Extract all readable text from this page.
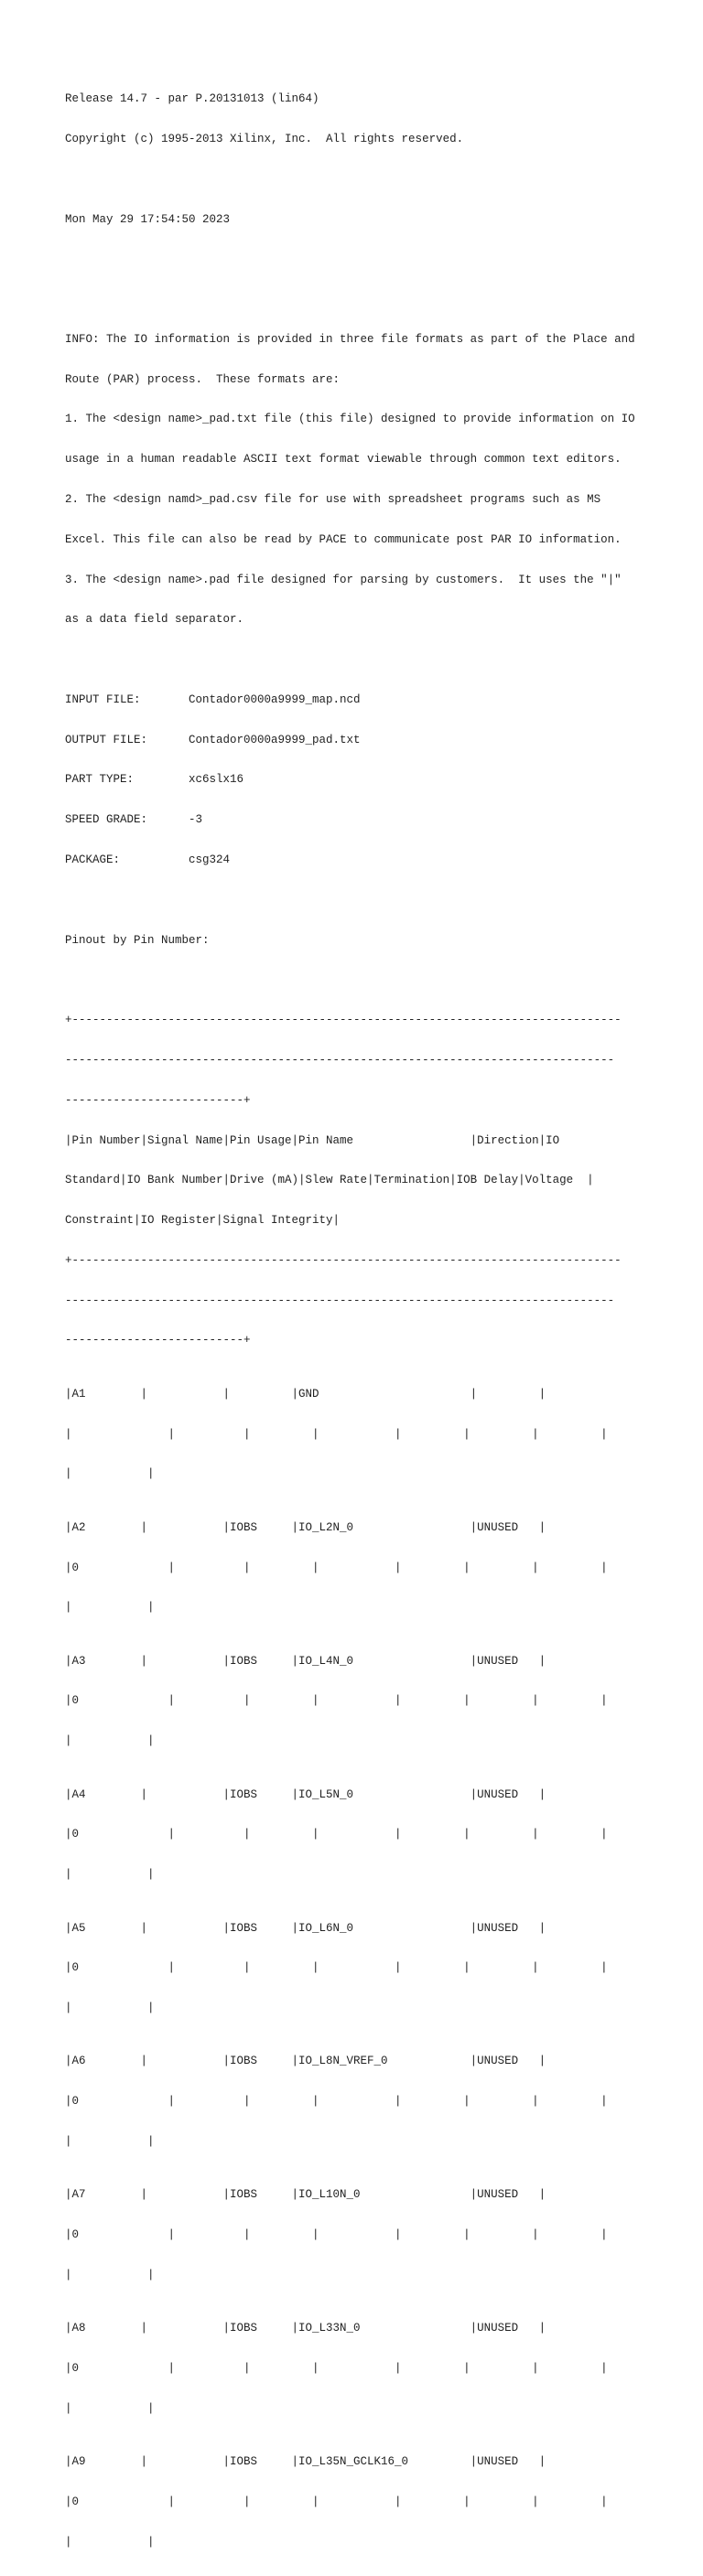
Release 14.7 - par P.20131013 (lin64)

Copyright (c) 1995-2013 Xilinx, Inc.  All rights reserved.

Mon May 29 17:54:50 2023

INFO: The IO information is provided in three file formats as part of the Place and

Route (PAR) process.  These formats are:

1. The <design name>_pad.txt file (this file) designed to provide information on IO

usage in a human readable ASCII text format viewable through common text editors.

2. The <design namd>_pad.csv file for use with spreadsheet programs such as MS

Excel. This file can also be read by PACE to communicate post PAR IO information.

3. The <design name>.pad file designed for parsing by customers.  It uses the "|"

as a data field separator.

INPUT FILE:       Contador0000a9999_map.ncd

OUTPUT FILE:      Contador0000a9999_pad.txt

PART TYPE:        xc6slx16

SPEED GRADE:      -3

PACKAGE:          csg324

Pinout by Pin Number:

+--------------------------------------------------------------------------------

--------------------------------------------------------------------------------

--------------------------+

|Pin Number|Signal Name|Pin Usage|Pin Name                 |Direction|IO

Standard|IO Bank Number|Drive (mA)|Slew Rate|Termination|IOB Delay|Voltage  |

Constraint|IO Register|Signal Integrity|

+--------------------------------------------------------------------------------

--------------------------------------------------------------------------------

--------------------------+

|A1        |           |         |GND                      |         |

|              |          |         |           |         |         |         |

|           |

|A2        |           |IOBS     |IO_L2N_0                 |UNUSED   |

|0             |          |         |           |         |         |         |

|           |

|A3        |           |IOBS     |IO_L4N_0                 |UNUSED   |

|0             |          |         |           |         |         |         |

|           |

|A4        |           |IOBS     |IO_L5N_0                 |UNUSED   |

|0             |          |         |           |         |         |         |

|           |

|A5        |           |IOBS     |IO_L6N_0                 |UNUSED   |

|0             |          |         |           |         |         |         |

|           |

|A6        |           |IOBS     |IO_L8N_VREF_0            |UNUSED   |

|0             |          |         |           |         |         |         |

|           |

|A7        |           |IOBS     |IO_L10N_0                |UNUSED   |

|0             |          |         |           |         |         |         |

|           |

|A8        |           |IOBS     |IO_L33N_0                |UNUSED   |

|0             |          |         |           |         |         |         |

|           |

|A9        |           |IOBS     |IO_L35N_GCLK16_0         |UNUSED   |

|0             |          |         |           |         |         |         |

|           |
